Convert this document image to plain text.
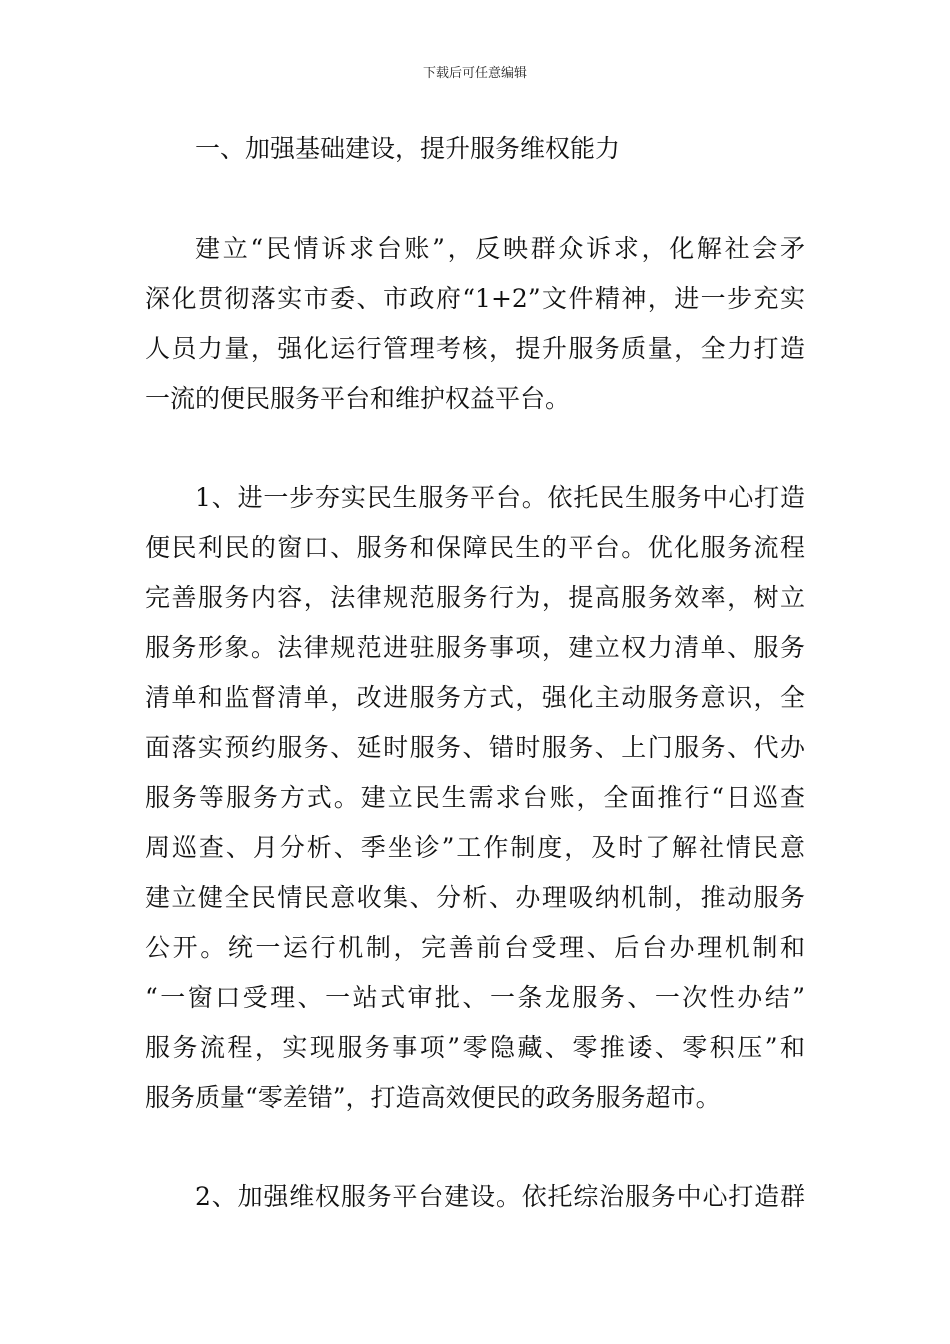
下载后可任意编辑

一、加强基础建设，提升服务维权能力

建立“民情诉求台账”，反映群众诉求，化解社会矛

深化贯彻落实市委、市政府“1+2”文件精神，进一步充实

人员力量，强化运行管理考核，提升服务质量，全力打造

一流的便民服务平台和维护权益平台。

1、进一步夯实民生服务平台。依托民生服务中心打造

便民利民的窗口、服务和保障民生的平台。优化服务流程

完善服务内容，法律规范服务行为，提高服务效率，树立

服务形象。法律规范进驻服务事项，建立权力清单、服务

清单和监督清单，改进服务方式，强化主动服务意识，全

面落实预约服务、延时服务、错时服务、上门服务、代办

服务等服务方式。建立民生需求台账，全面推行“日巡查

周巡查、月分析、季坐诊”工作制度，及时了解社情民意

建立健全民情民意收集、分析、办理吸纳机制，推动服务

公开。统一运行机制，完善前台受理、后台办理机制和

“一窗口受理、一站式审批、一条龙服务、一次性办结”

服务流程，实现服务事项”零隐藏、零推诿、零积压”和

服务质量“零差错”，打造高效便民的政务服务超市。

2、加强维权服务平台建设。依托综治服务中心打造群
